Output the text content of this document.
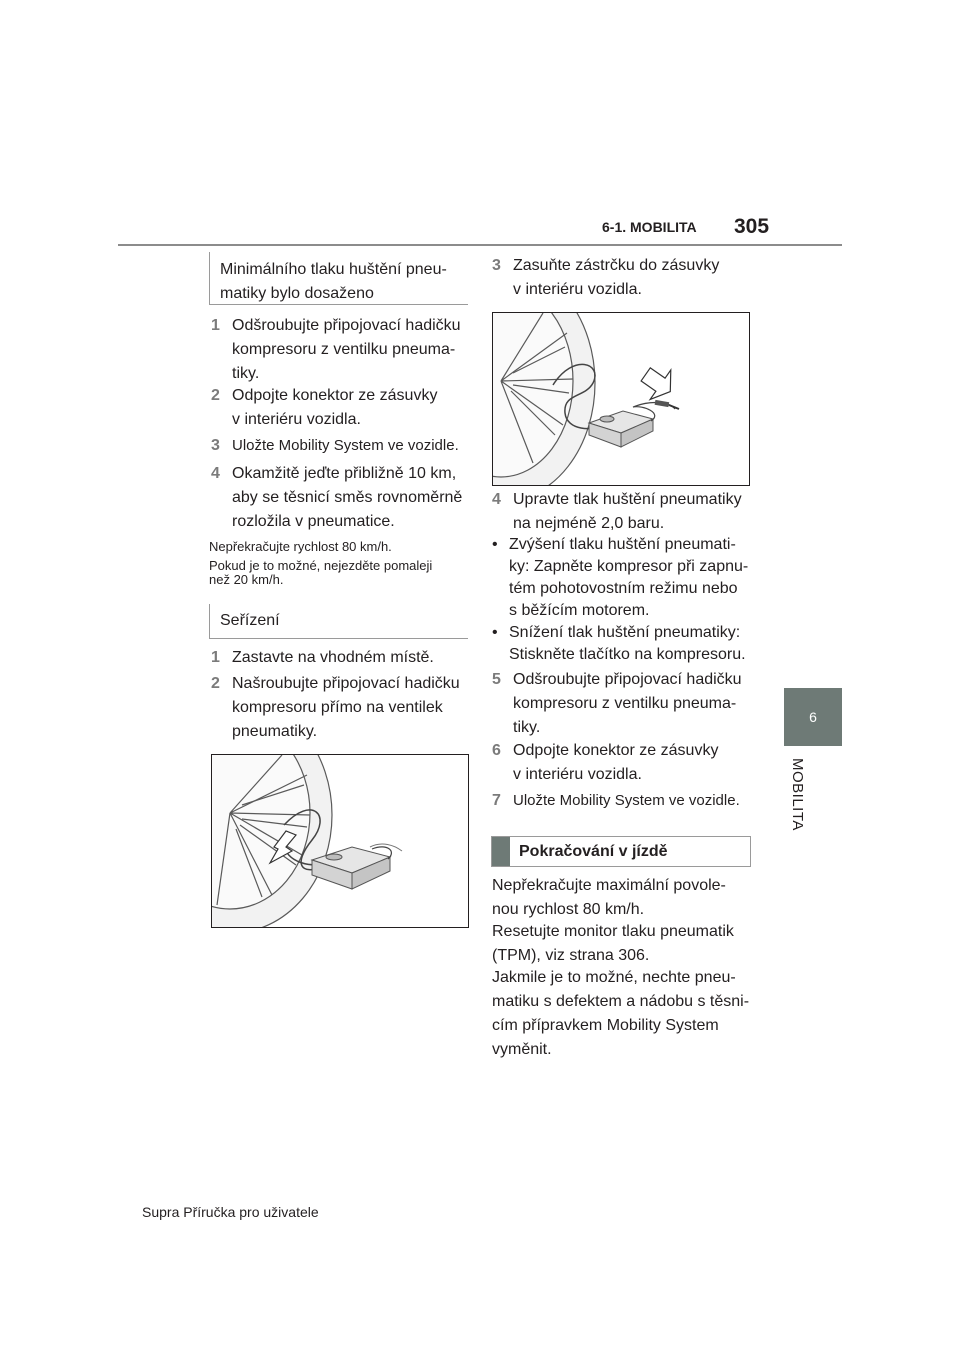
6-1. MOBILITA 305
6
MOBILITA
Minimálního tlaku huštění pneu-
matiky bylo dosaženo
1 Odšroubujte připojovací hadičku
kompresoru z ventilku pneuma-
tiky.
2 Odpojte konektor ze zásuvky
v interiéru vozidla.
3 Uložte Mobility System ve vozidle.
4 Okamžitě jeďte přibližně 10 km,
aby se těsnicí směs rovnoměrně
rozložila v pneumatice.
Nepřekračujte rychlost 80 km/h.
Pokud je to možné, nejezděte pomaleji
než 20 km/h.
Seřízení
1 Zastavte na vhodném místě.
2 Našroubujte připojovací hadičku
kompresoru přímo na ventilek
pneumatiky.
3 Zasuňte zástrčku do zásuvky
v interiéru vozidla.
4 Upravte tlak huštění pneumatiky
na nejméně 2,0 baru.
• Zvýšení tlaku huštění pneumati-
ky: Zapněte kompresor při zapnu-
tém pohotovostním režimu nebo
s běžícím motorem.
• Snížení tlak huštění pneumatiky:
Stiskněte tlačítko na kompresoru.
5 Odšroubujte připojovací hadičku
kompresoru z ventilku pneuma-
tiky.
6 Odpojte konektor ze zásuvky
v interiéru vozidla.
7 Uložte Mobility System ve vozidle.
Pokračování v jízdě
Nepřekračujte maximální povole-
nou rychlost 80 km/h.
Resetujte monitor tlaku pneumatik
(TPM), viz strana 306.
Jakmile je to možné, nechte pneu-
matiku s defektem a nádobu s těsni-
cím přípravkem Mobility System
vyměnit.
Supra Příručka pro uživatele
